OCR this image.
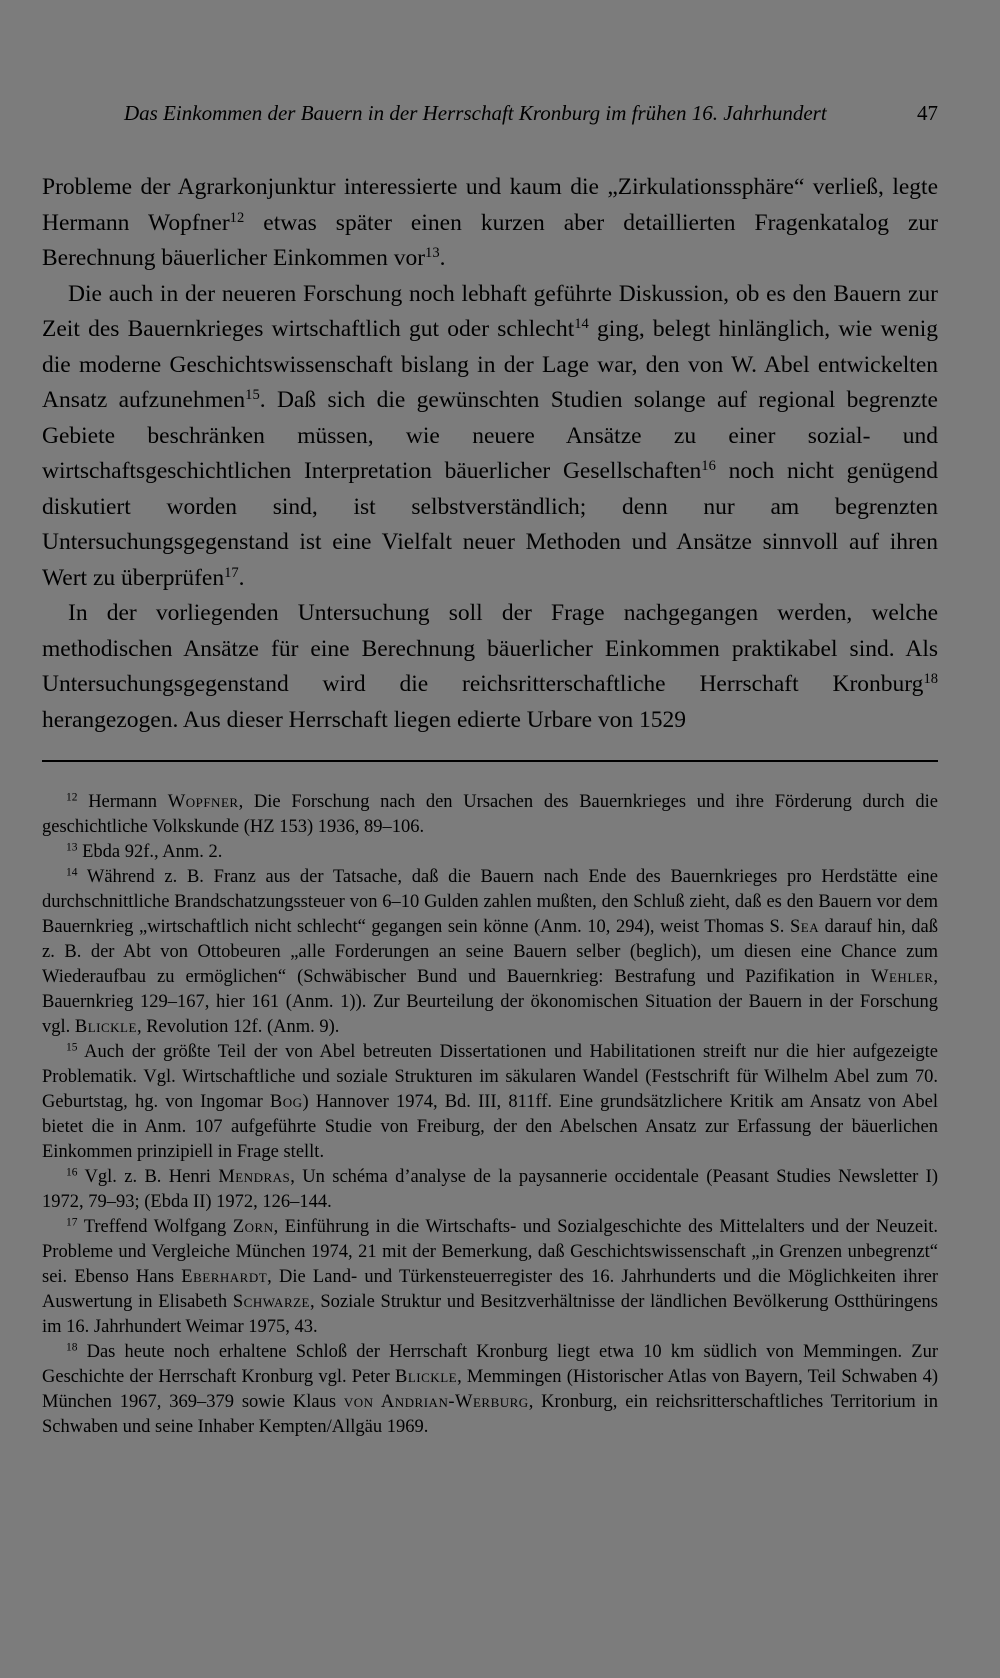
Das Einkommen der Bauern in der Herrschaft Kronburg im frühen 16. Jahrhundert	47

Probleme der Agrarkonjunktur interessierte und kaum die „Zirkulationssphäre“ verließ, legte Hermann Wopfner$^{12}$ etwas später einen kurzen aber detaillierten Fragenkatalog zur Berechnung bäuerlicher Einkommen vor$^{13}$.

Die auch in der neueren Forschung noch lebhaft geführte Diskussion, ob es den Bauern zur Zeit des Bauernkrieges wirtschaftlich gut oder schlecht$^{14}$ ging, belegt hinlänglich, wie wenig die moderne Geschichtswissenschaft bislang in der Lage war, den von W. Abel entwickelten Ansatz aufzunehmen$^{15}$. Daß sich die gewünschten Studien solange auf regional begrenzte Gebiete beschränken müssen, wie neuere Ansätze zu einer sozial- und wirtschaftsgeschichtlichen Interpretation bäuerlicher Gesellschaften$^{16}$ noch nicht genügend diskutiert worden sind, ist selbstverständlich; denn nur am begrenzten Untersuchungsgegenstand ist eine Vielfalt neuer Methoden und Ansätze sinnvoll auf ihren Wert zu überprüfen$^{17}$.

In der vorliegenden Untersuchung soll der Frage nachgegangen werden, welche methodischen Ansätze für eine Berechnung bäuerlicher Einkommen praktikabel sind. Als Untersuchungsgegenstand wird die reichsritterschaftliche Herrschaft Kronburg$^{18}$ herangezogen. Aus dieser Herrschaft liegen edierte Urbare von 1529

$^{12}$ Hermann Wopfner, Die Forschung nach den Ursachen des Bauernkrieges und ihre Förderung durch die geschichtliche Volkskunde (HZ 153) 1936, 89–106.

$^{13}$ Ebda 92f., Anm. 2.

$^{14}$ Während z. B. Franz aus der Tatsache, daß die Bauern nach Ende des Bauernkrieges pro Herdstätte eine durchschnittliche Brandschatzungssteuer von 6–10 Gulden zahlen mußten, den Schluß zieht, daß es den Bauern vor dem Bauernkrieg „wirtschaftlich nicht schlecht“ gegangen sein könne (Anm. 10, 294), weist Thomas S. Sea darauf hin, daß z. B. der Abt von Ottobeuren „alle Forderungen an seine Bauern selber (beglich), um diesen eine Chance zum Wiederaufbau zu ermöglichen“ (Schwäbischer Bund und Bauernkrieg: Bestrafung und Pazifikation in Wehler, Bauernkrieg 129–167, hier 161 (Anm. 1)). Zur Beurteilung der ökonomischen Situation der Bauern in der Forschung vgl. Blickle, Revolution 12f. (Anm. 9).

$^{15}$ Auch der größte Teil der von Abel betreuten Dissertationen und Habilitationen streift nur die hier aufgezeigte Problematik. Vgl. Wirtschaftliche und soziale Strukturen im säkularen Wandel (Festschrift für Wilhelm Abel zum 70. Geburtstag, hg. von Ingomar Bog) Hannover 1974, Bd. III, 811ff. Eine grundsätzlichere Kritik am Ansatz von Abel bietet die in Anm. 107 aufgeführte Studie von Freiburg, der den Abelschen Ansatz zur Erfassung der bäuerlichen Einkommen prinzipiell in Frage stellt.

$^{16}$ Vgl. z. B. Henri Mendras, Un schéma d’analyse de la paysannerie occidentale (Peasant Studies Newsletter I) 1972, 79–93; (Ebda II) 1972, 126–144.

$^{17}$ Treffend Wolfgang Zorn, Einführung in die Wirtschafts- und Sozialgeschichte des Mittelalters und der Neuzeit. Probleme und Vergleiche München 1974, 21 mit der Bemerkung, daß Geschichtswissenschaft „in Grenzen unbegrenzt“ sei. Ebenso Hans Eberhardt, Die Land- und Türkensteuerregister des 16. Jahrhunderts und die Möglichkeiten ihrer Auswertung in Elisabeth Schwarze, Soziale Struktur und Besitzverhältnisse der ländlichen Bevölkerung Ostthüringens im 16. Jahrhundert Weimar 1975, 43.

$^{18}$ Das heute noch erhaltene Schloß der Herrschaft Kronburg liegt etwa 10 km südlich von Memmingen. Zur Geschichte der Herrschaft Kronburg vgl. Peter Blickle, Memmingen (Historischer Atlas von Bayern, Teil Schwaben 4) München 1967, 369–379 sowie Klaus von Andrian-Werburg, Kronburg, ein reichsritterschaftliches Territorium in Schwaben und seine Inhaber Kempten/Allgäu 1969.
